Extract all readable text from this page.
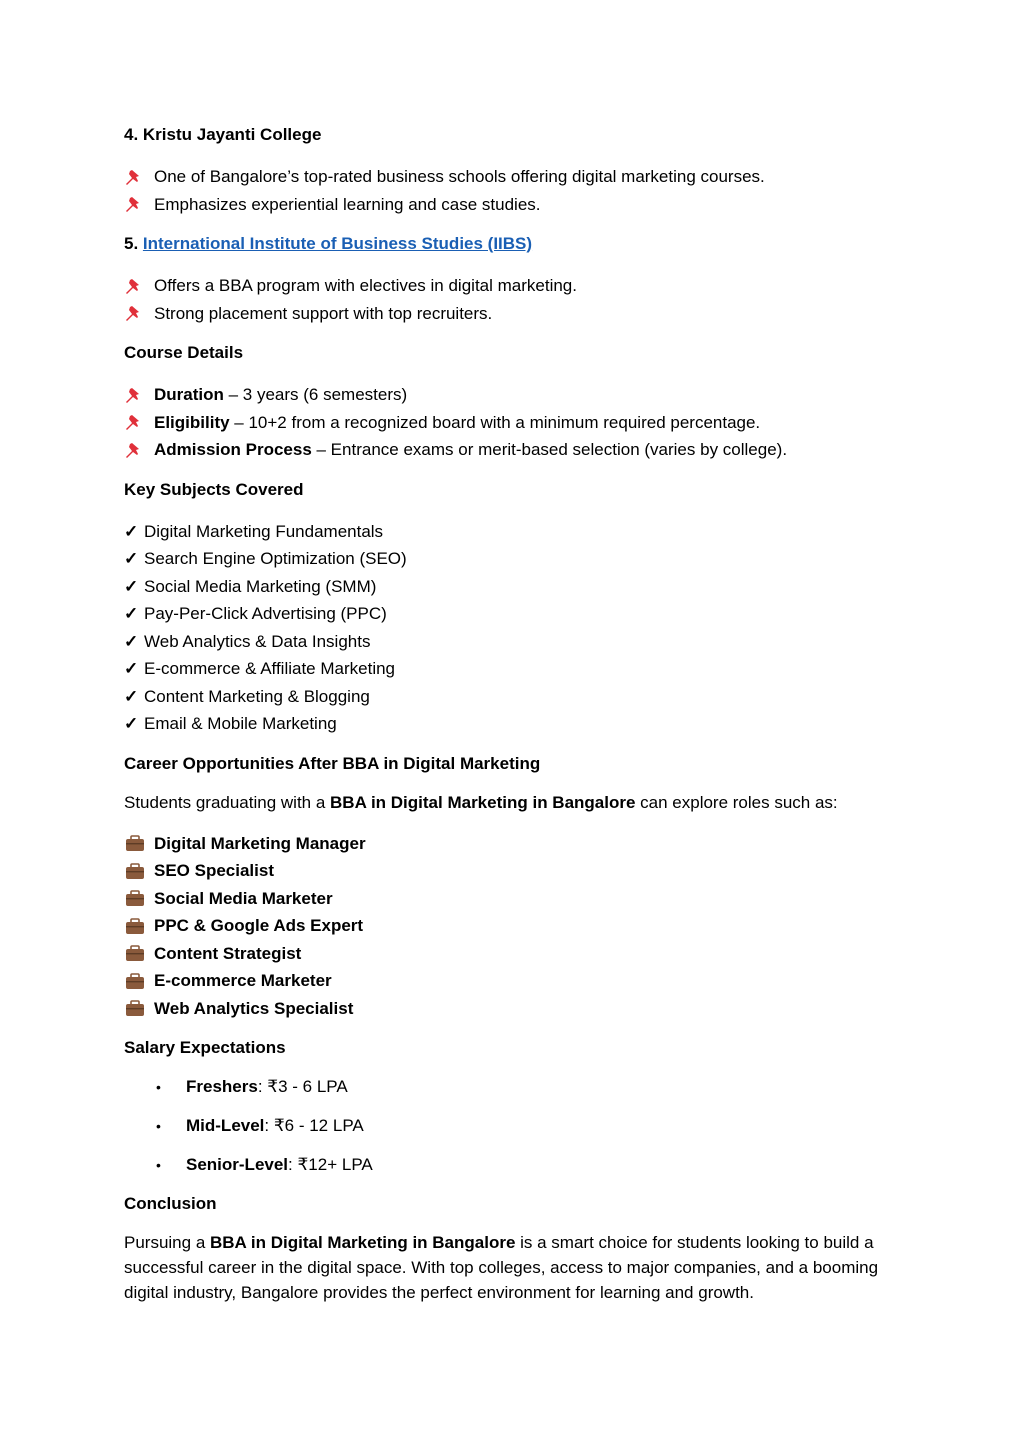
4. Kristu Jayanti College

One of Bangalore’s top-rated business schools offering digital marketing courses.
Emphasizes experiential learning and case studies.

5. International Institute of Business Studies (IIBS)

Offers a BBA program with electives in digital marketing.
Strong placement support with top recruiters.

Course Details

Duration – 3 years (6 semesters)
Eligibility – 10+2 from a recognized board with a minimum required percentage.
Admission Process – Entrance exams or merit-based selection (varies by college).

Key Subjects Covered

✓ Digital Marketing Fundamentals
✓ Search Engine Optimization (SEO)
✓ Social Media Marketing (SMM)
✓ Pay-Per-Click Advertising (PPC)
✓ Web Analytics & Data Insights
✓ E-commerce & Affiliate Marketing
✓ Content Marketing & Blogging
✓ Email & Mobile Marketing

Career Opportunities After BBA in Digital Marketing

Students graduating with a BBA in Digital Marketing in Bangalore can explore roles such as:

Digital Marketing Manager
SEO Specialist
Social Media Marketer
PPC & Google Ads Expert
Content Strategist
E-commerce Marketer
Web Analytics Specialist

Salary Expectations

•	Freshers : ₹3 - 6 LPA
•	Mid-Level : ₹6 - 12 LPA
•	Senior-Level : ₹12+ LPA

Conclusion

Pursuing a BBA in Digital Marketing in Bangalore is a smart choice for students looking to build a successful career in the digital space. With top colleges, access to major companies, and a booming digital industry, Bangalore provides the perfect environment for learning and growth.
